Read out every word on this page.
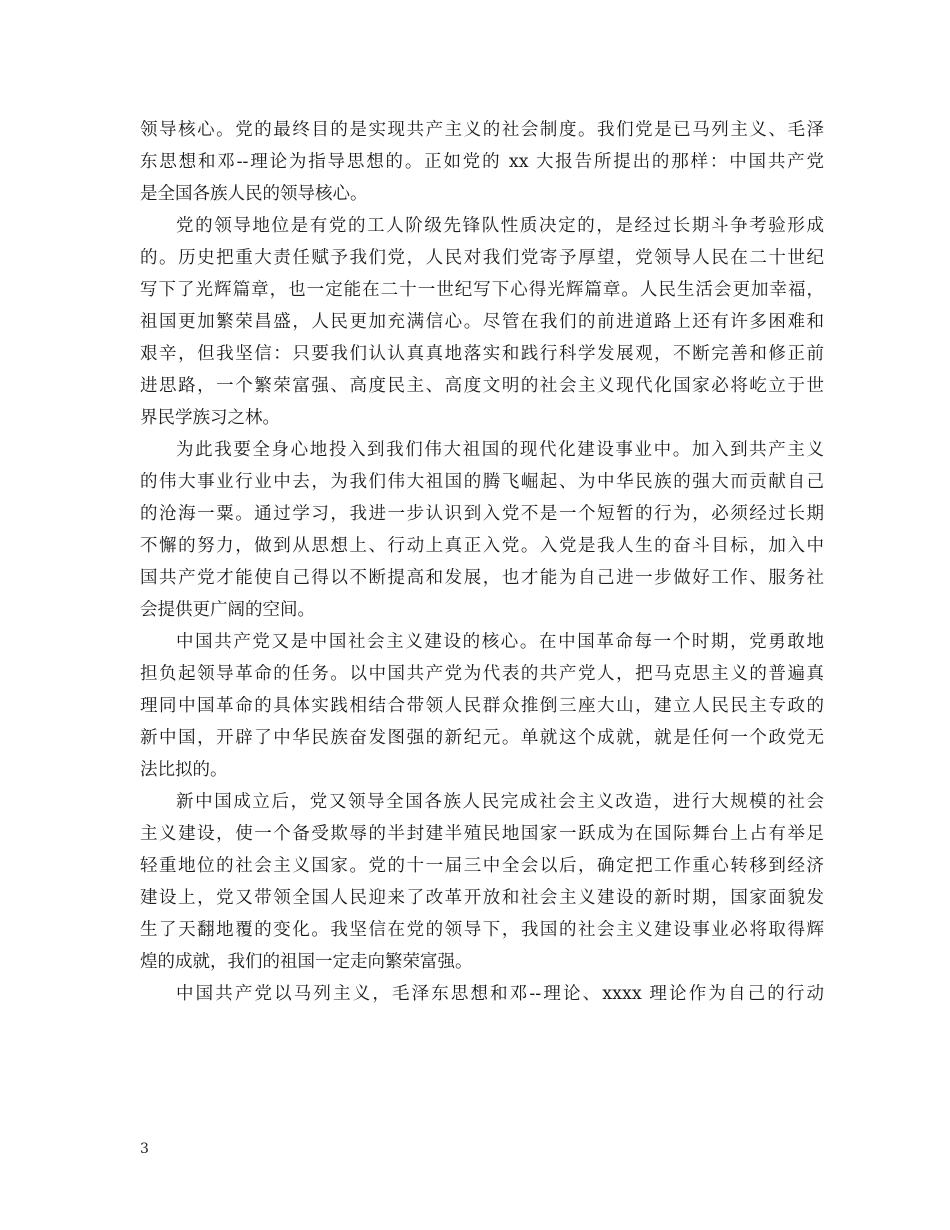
领导核心。党的最终目的是实现共产主义的社会制度。我们党是已马列主义、毛泽
东思想和邓--理论为指导思想的。正如党的 xx 大报告所提出的那样：中国共产党
是全国各族人民的领导核心。
党的领导地位是有党的工人阶级先锋队性质决定的，是经过长期斗争考验形成
的。历史把重大责任赋予我们党，人民对我们党寄予厚望，党领导人民在二十世纪
写下了光辉篇章，也一定能在二十一世纪写下心得光辉篇章。人民生活会更加幸福，
祖国更加繁荣昌盛，人民更加充满信心。尽管在我们的前进道路上还有许多困难和
艰辛，但我坚信：只要我们认认真真地落实和践行科学发展观，不断完善和修正前
进思路，一个繁荣富强、高度民主、高度文明的社会主义现代化国家必将屹立于世
界民学族习之林。
为此我要全身心地投入到我们伟大祖国的现代化建设事业中。加入到共产主义
的伟大事业行业中去，为我们伟大祖国的腾飞崛起、为中华民族的强大而贡献自己
的沧海一粟。通过学习，我进一步认识到入党不是一个短暂的行为，必须经过长期
不懈的努力，做到从思想上、行动上真正入党。入党是我人生的奋斗目标，加入中
国共产党才能使自己得以不断提高和发展，也才能为自己进一步做好工作、服务社
会提供更广阔的空间。
中国共产党又是中国社会主义建设的核心。在中国革命每一个时期，党勇敢地
担负起领导革命的任务。以中国共产党为代表的共产党人，把马克思主义的普遍真
理同中国革命的具体实践相结合带领人民群众推倒三座大山，建立人民民主专政的
新中国，开辟了中华民族奋发图强的新纪元。单就这个成就，就是任何一个政党无
法比拟的。
新中国成立后，党又领导全国各族人民完成社会主义改造，进行大规模的社会
主义建设，使一个备受欺辱的半封建半殖民地国家一跃成为在国际舞台上占有举足
轻重地位的社会主义国家。党的十一届三中全会以后，确定把工作重心转移到经济
建设上，党又带领全国人民迎来了改革开放和社会主义建设的新时期，国家面貌发
生了天翻地覆的变化。我坚信在党的领导下，我国的社会主义建设事业必将取得辉
煌的成就，我们的祖国一定走向繁荣富强。
中国共产党以马列主义，毛泽东思想和邓--理论、xxxx 理论作为自己的行动
3
